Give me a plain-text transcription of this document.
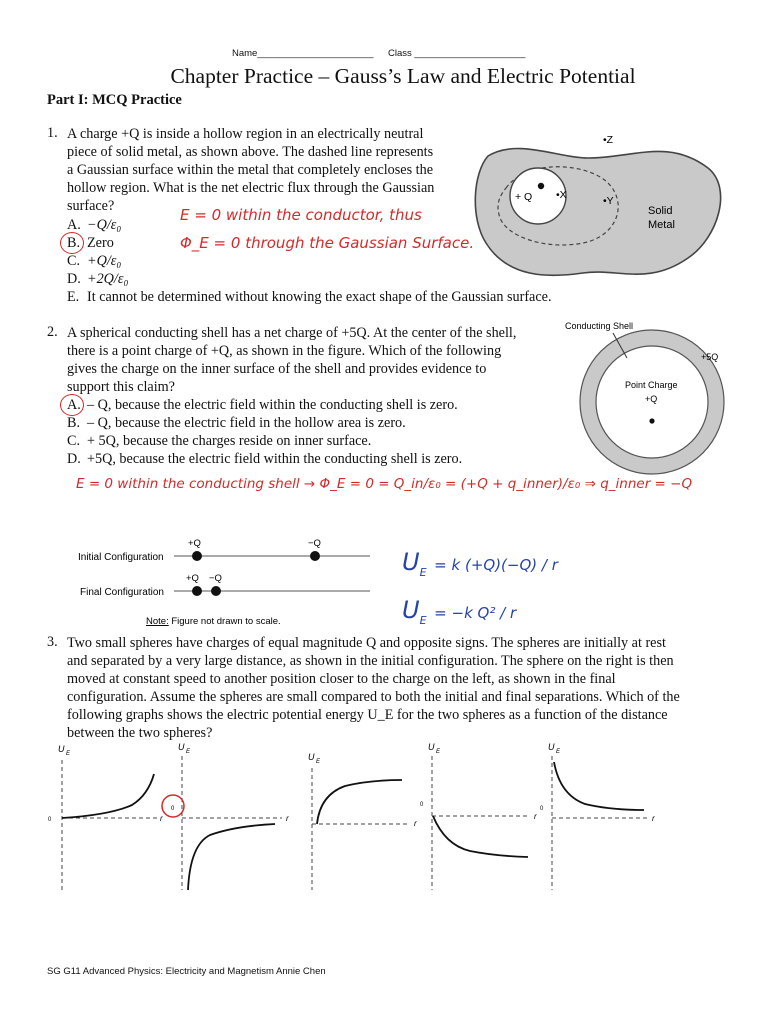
Name______________________ Class _____________________
Chapter Practice – Gauss’s Law and Electric Potential
Part I: MCQ Practice
1. A charge +Q is inside a hollow region in an electrically neutral
piece of solid metal, as shown above. The dashed line represents
a Gaussian surface within the metal that completely encloses the
hollow region. What is the net electric flux through the Gaussian
surface?
A. −Q/ε₀
B. Zero
C. +Q/ε₀
D. +2Q/ε₀
E. It cannot be determined without knowing the exact shape of the Gaussian surface.
E = 0 within the conductor, thus
Φ_E = 0 through the Gaussian Surface.
+ Q •X	•Y
•Z
Solid
Metal
2. A spherical conducting shell has a net charge of +5Q. At the center of the shell,
there is a point charge of +Q, as shown in the figure. Which of the following
gives the charge on the inner surface of the shell and provides evidence to
support this claim?
A. – Q, because the electric field within the conducting shell is zero.
B. – Q, because the electric field in the hollow area is zero.
C. + 5Q, because the charges reside on inner surface.
D. +5Q, because the electric field within the conducting shell is zero.
E = 0 within the conducting shell → Φ_E = 0 = Q_in/ε₀ = (+Q + q_inner)/ε₀ ⇒ q_inner = −Q
Conducting Shell
+5Q
Point Charge
+Q
Initial Configuration
+Q	−Q
Final Configuration
+Q −Q
Note: Figure not drawn to scale.
$U_E = k$ (+Q)(−Q) / r
$U_E = -k$ Q² / r
3. Two small spheres have charges of equal magnitude Q and opposite signs. The spheres are initially at rest
and separated by a very large distance, as shown in the initial configuration. The sphere on the right is then
moved at constant speed to another position closer to the charge on the left, as shown in the final
configuration. Assume the spheres are small compared to both the initial and final separations. Which of the
following graphs shows the electric potential energy U_E for the two spheres as a function of the distance
between the two spheres?
U E
r
0
U E
r
0
U E
r
U E
r
0
U E
r
0
SG G11 Advanced Physics: Electricity and Magnetism Annie Chen
